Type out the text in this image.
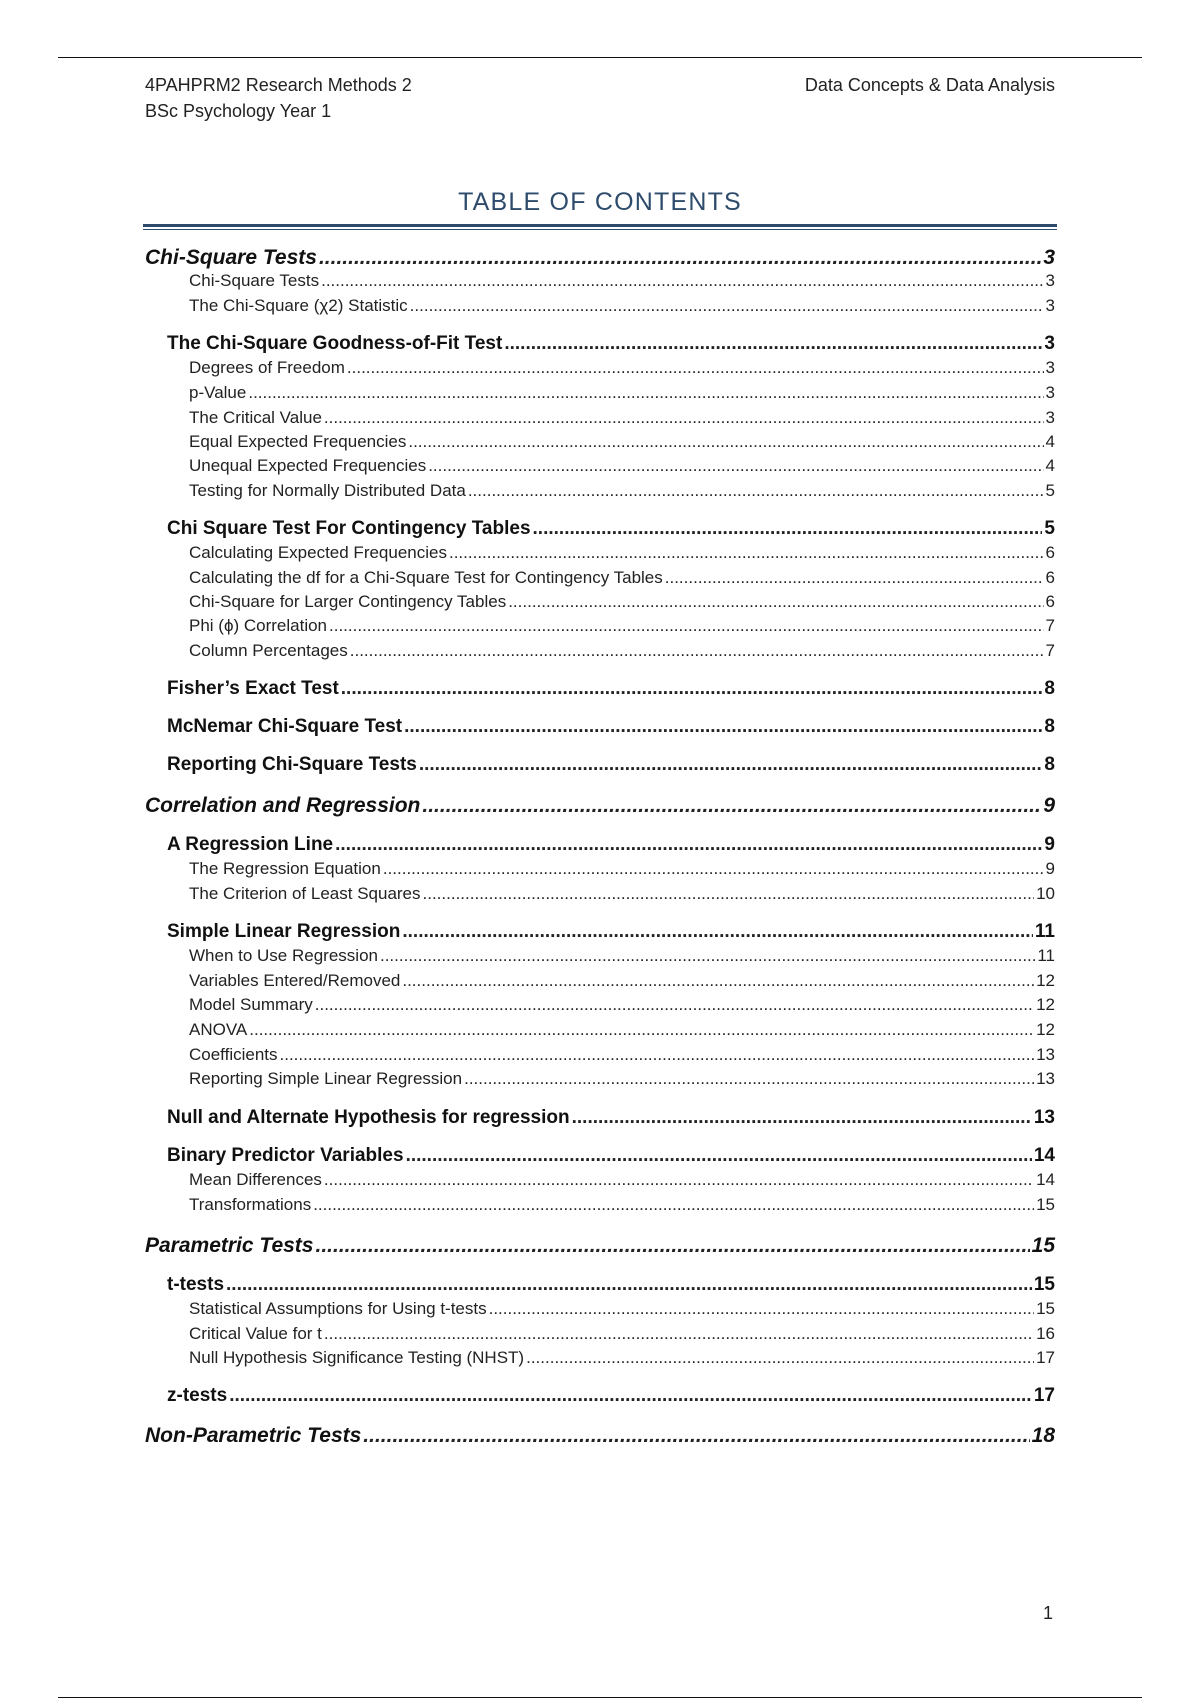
4PAHPRM2 Research Methods 2
BSc Psychology Year 1
Data Concepts & Data Analysis
TABLE OF CONTENTS
Chi-Square Tests .....	3
Chi-Square Tests .....	3
The Chi-Square (χ2) Statistic .....	3
The Chi-Square Goodness-of-Fit Test .....	3
Degrees of Freedom .....	3
p-Value .....	3
The Critical Value .....	3
Equal Expected Frequencies .....	4
Unequal Expected Frequencies .....	4
Testing for Normally Distributed Data .....	5
Chi Square Test For Contingency Tables .....	5
Calculating Expected Frequencies .....	6
Calculating the df for a Chi-Square Test for Contingency Tables .....	6
Chi-Square for Larger Contingency Tables .....	6
Phi (ϕ) Correlation .....	7
Column Percentages .....	7
Fisher’s Exact Test .....	8
McNemar Chi-Square Test .....	8
Reporting Chi-Square Tests .....	8
Correlation and Regression .....	9
A Regression Line .....	9
The Regression Equation .....	9
The Criterion of Least Squares .....	10
Simple Linear Regression .....	11
When to Use Regression .....	11
Variables Entered/Removed .....	12
Model Summary .....	12
ANOVA .....	12
Coefficients .....	13
Reporting Simple Linear Regression .....	13
Null and Alternate Hypothesis for regression .....	13
Binary Predictor Variables .....	14
Mean Differences .....	14
Transformations .....	15
Parametric Tests .....	15
t-tests .....	15
Statistical Assumptions for Using t-tests .....	15
Critical Value for t .....	16
Null Hypothesis Significance Testing (NHST) .....	17
z-tests .....	17
Non-Parametric Tests .....	18
1
